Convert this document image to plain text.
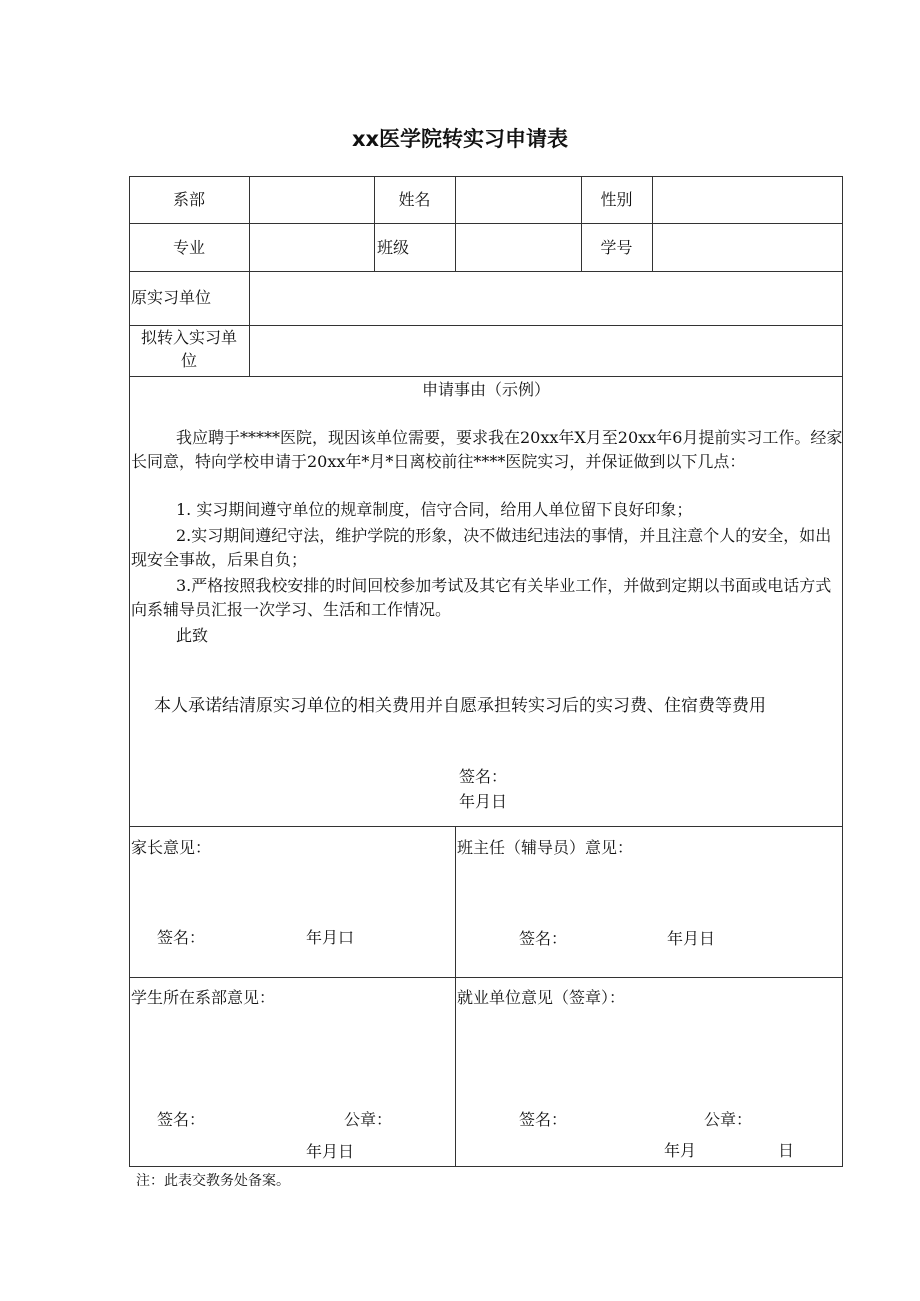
xx医学院转实习申请表
系部	姓名	性别
专业	班级	学号
原实习单位
拟转入实习单
位
申请事由（示例）
我应聘于*****医院，现因该单位需要，要求我在20xx年X月至20xx年6月提前实习工作。经家长同意，特向学校申请于20xx年*月*日离校前往****医院实习，并保证做到以下几点：
1. 实习期间遵守单位的规章制度，信守合同，给用人单位留下良好印象；
2.实习期间遵纪守法，维护学院的形象，决不做违纪违法的事情，并且注意个人的安全，如出现安全事故，后果自负；
3.严格按照我校安排的时间回校参加考试及其它有关毕业工作，并做到定期以书面或电话方式向系辅导员汇报一次学习、生活和工作情况。
此致
本人承诺结清原实习单位的相关费用并自愿承担转实习后的实习费、住宿费等费用
签名：
年月日
家长意见：
签名：	年月口
班主任（辅导员）意见：
签名：	年月日
学生所在系部意见：
签名：	公章：
年月日
就业单位意见（签章）：
签名：	公章：
年月	日
注：此表交教务处备案。
